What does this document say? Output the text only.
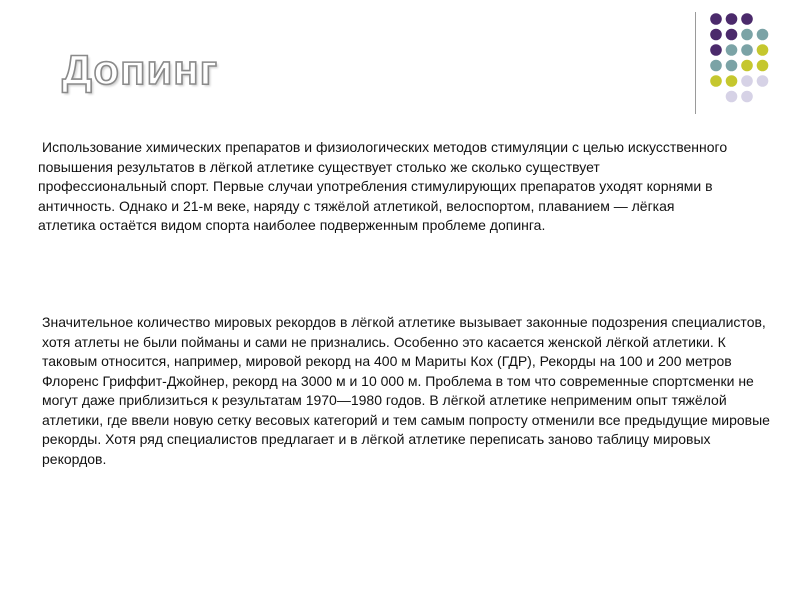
Допинг

Использование химических препаратов и физиологических методов стимуляции с целью искусственного повышения результатов в лёгкой атлетике существует столько же сколько существует профессиональный спорт. Первые случаи употребления стимулирующих препаратов уходят корнями в античность. Однако и 21-м веке, наряду с тяжёлой атлетикой, велоспортом, плаванием — лёгкая атлетика остаётся видом спорта наиболее подверженным проблеме допинга.

Значительное количество мировых рекордов в лёгкой атлетике вызывает законные подозрения специалистов, хотя атлеты не были пойманы и сами не признались. Особенно это касается женской лёгкой атлетики. К таковым относится, например, мировой рекорд на 400 м Мариты Кох (ГДР), Рекорды на 100 и 200 метров Флоренс Гриффит-Джойнер, рекорд на 3000 м и 10 000 м. Проблема в том что современные спортсменки не могут даже приблизиться к результатам 1970—1980 годов. В лёгкой атлетике неприменим опыт тяжёлой атлетики, где ввели новую сетку весовых категорий и тем самым попросту отменили все предыдущие мировые рекорды. Хотя ряд специалистов предлагает и в лёгкой атлетике переписать заново таблицу мировых рекордов.
